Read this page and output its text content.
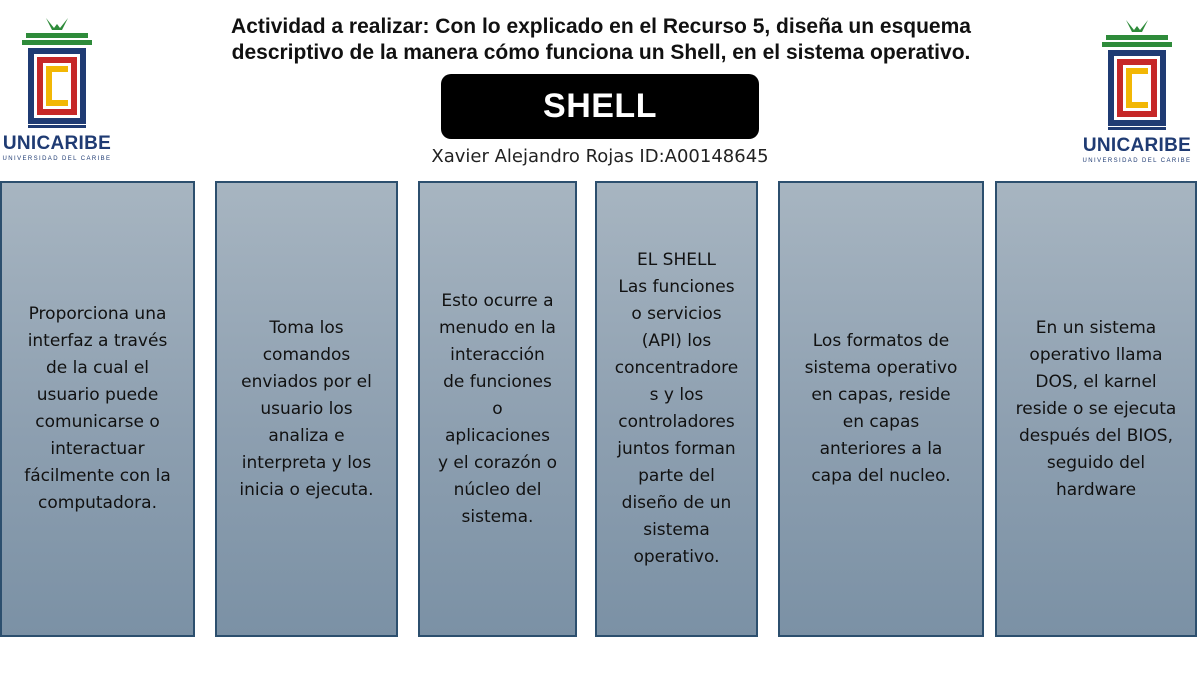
UNICARIBE
UNIVERSIDAD DEL CARIBE
UNICARIBE
UNIVERSIDAD DEL CARIBE
Actividad a realizar: Con lo explicado en el Recurso 5, diseña un esquema
descriptivo de la manera cómo funciona un Shell, en el sistema operativo.
SHELL
Xavier Alejandro Rojas ID:A00148645

Proporciona una
interfaz a través
de la cual el
usuario puede
comunicarse o
interactuar
fácilmente con la
computadora.

Toma los
comandos
enviados por el
usuario los
analiza e
interpreta y los
inicia o ejecuta.

Esto ocurre a
menudo en la
interacción
de funciones
o
aplicaciones
y el corazón o
núcleo del
sistema.

EL SHELL
Las funciones
o servicios
(API) los
concentradore
s y los
controladores
juntos forman
parte del
diseño de un
sistema
operativo.

Los formatos de
sistema operativo
en capas, reside
en capas
anteriores a la
capa del nucleo.

En un sistema
operativo llama
DOS, el karnel
reside o se ejecuta
después del BIOS,
seguido del
hardware
